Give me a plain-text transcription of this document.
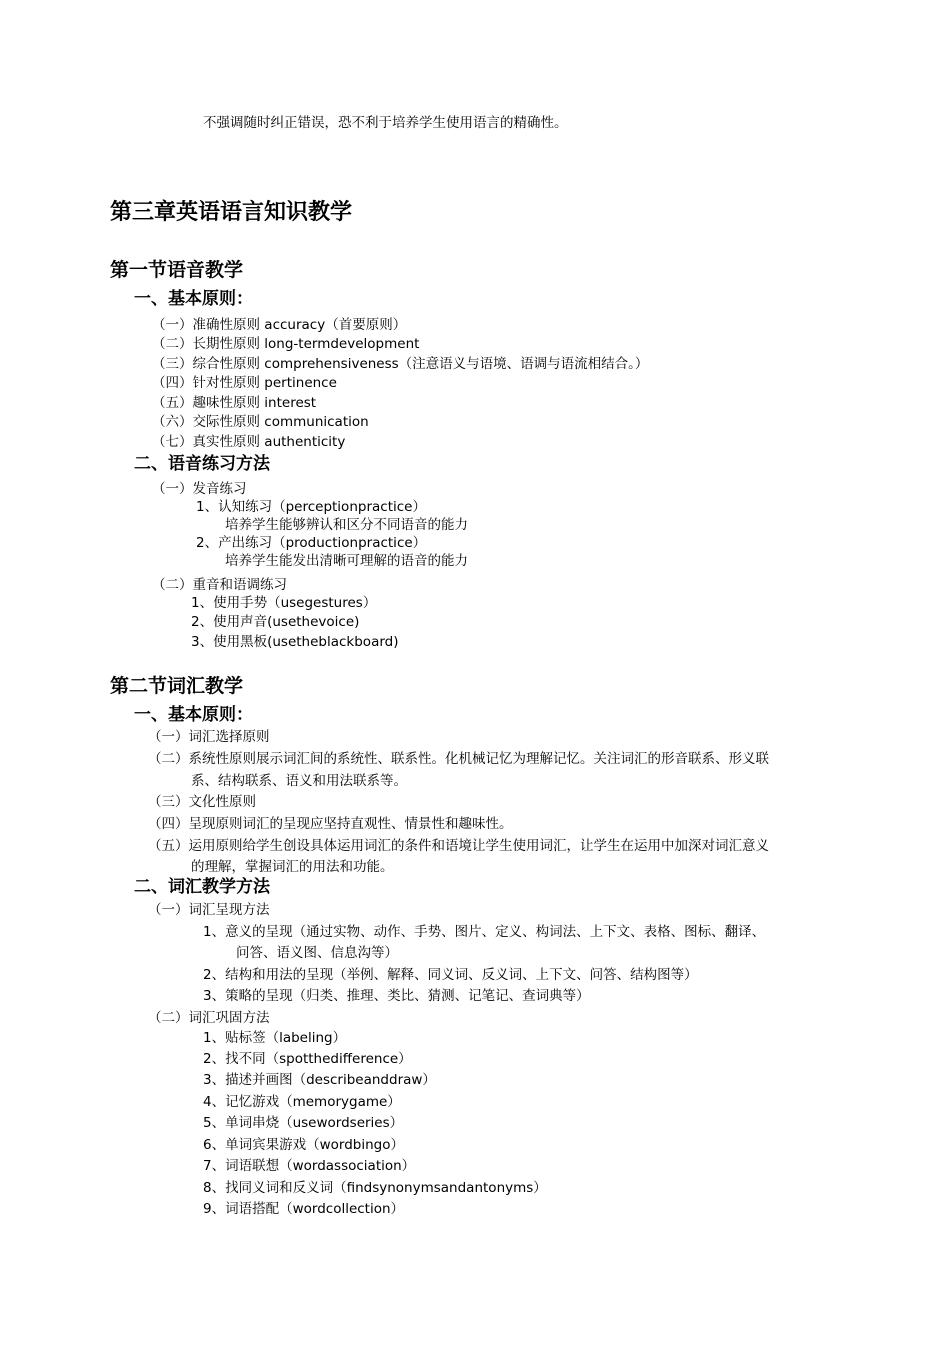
不强调随时纠正错误，恐不利于培养学生使用语言的精确性。
第三章英语语言知识教学
第一节语音教学
一、基本原则：
（一）准确性原则 accuracy（首要原则）
（二）长期性原则 long-termdevelopment
（三）综合性原则 comprehensiveness（注意语义与语境、语调与语流相结合。）
（四）针对性原则 pertinence
（五）趣味性原则 interest
（六）交际性原则 communication
（七）真实性原则 authenticity
二、语音练习方法
（一）发音练习
1、认知练习（perceptionpractice）
培养学生能够辨认和区分不同语音的能力
2、产出练习（productionpractice）
培养学生能发出清晰可理解的语音的能力
（二）重音和语调练习
1、使用手势（usegestures）
2、使用声音(usethevoice)
3、使用黑板(usetheblackboard)
第二节词汇教学
一、基本原则：
（一）词汇选择原则
（二）系统性原则展示词汇间的系统性、联系性。化机械记忆为理解记忆。关注词汇的形音联系、形义联
系、结构联系、语义和用法联系等。
（三）文化性原则
（四）呈现原则词汇的呈现应坚持直观性、情景性和趣味性。
（五）运用原则给学生创设具体运用词汇的条件和语境让学生使用词汇，让学生在运用中加深对词汇意义
的理解，掌握词汇的用法和功能。
二、词汇教学方法
（一）词汇呈现方法
1、意义的呈现（通过实物、动作、手势、图片、定义、构词法、上下文、表格、图标、翻译、
问答、语义图、信息沟等）
2、结构和用法的呈现（举例、解释、同义词、反义词、上下文、问答、结构图等）
3、策略的呈现（归类、推理、类比、猜测、记笔记、查词典等）
（二）词汇巩固方法
1、贴标签（labeling）
2、找不同（spotthedifference）
3、描述并画图（describeanddraw）
4、记忆游戏（memorygame）
5、单词串烧（usewordseries）
6、单词宾果游戏（wordbingo）
7、词语联想（wordassociation）
8、找同义词和反义词（findsynonymsandantonyms）
9、词语搭配（wordcollection）
